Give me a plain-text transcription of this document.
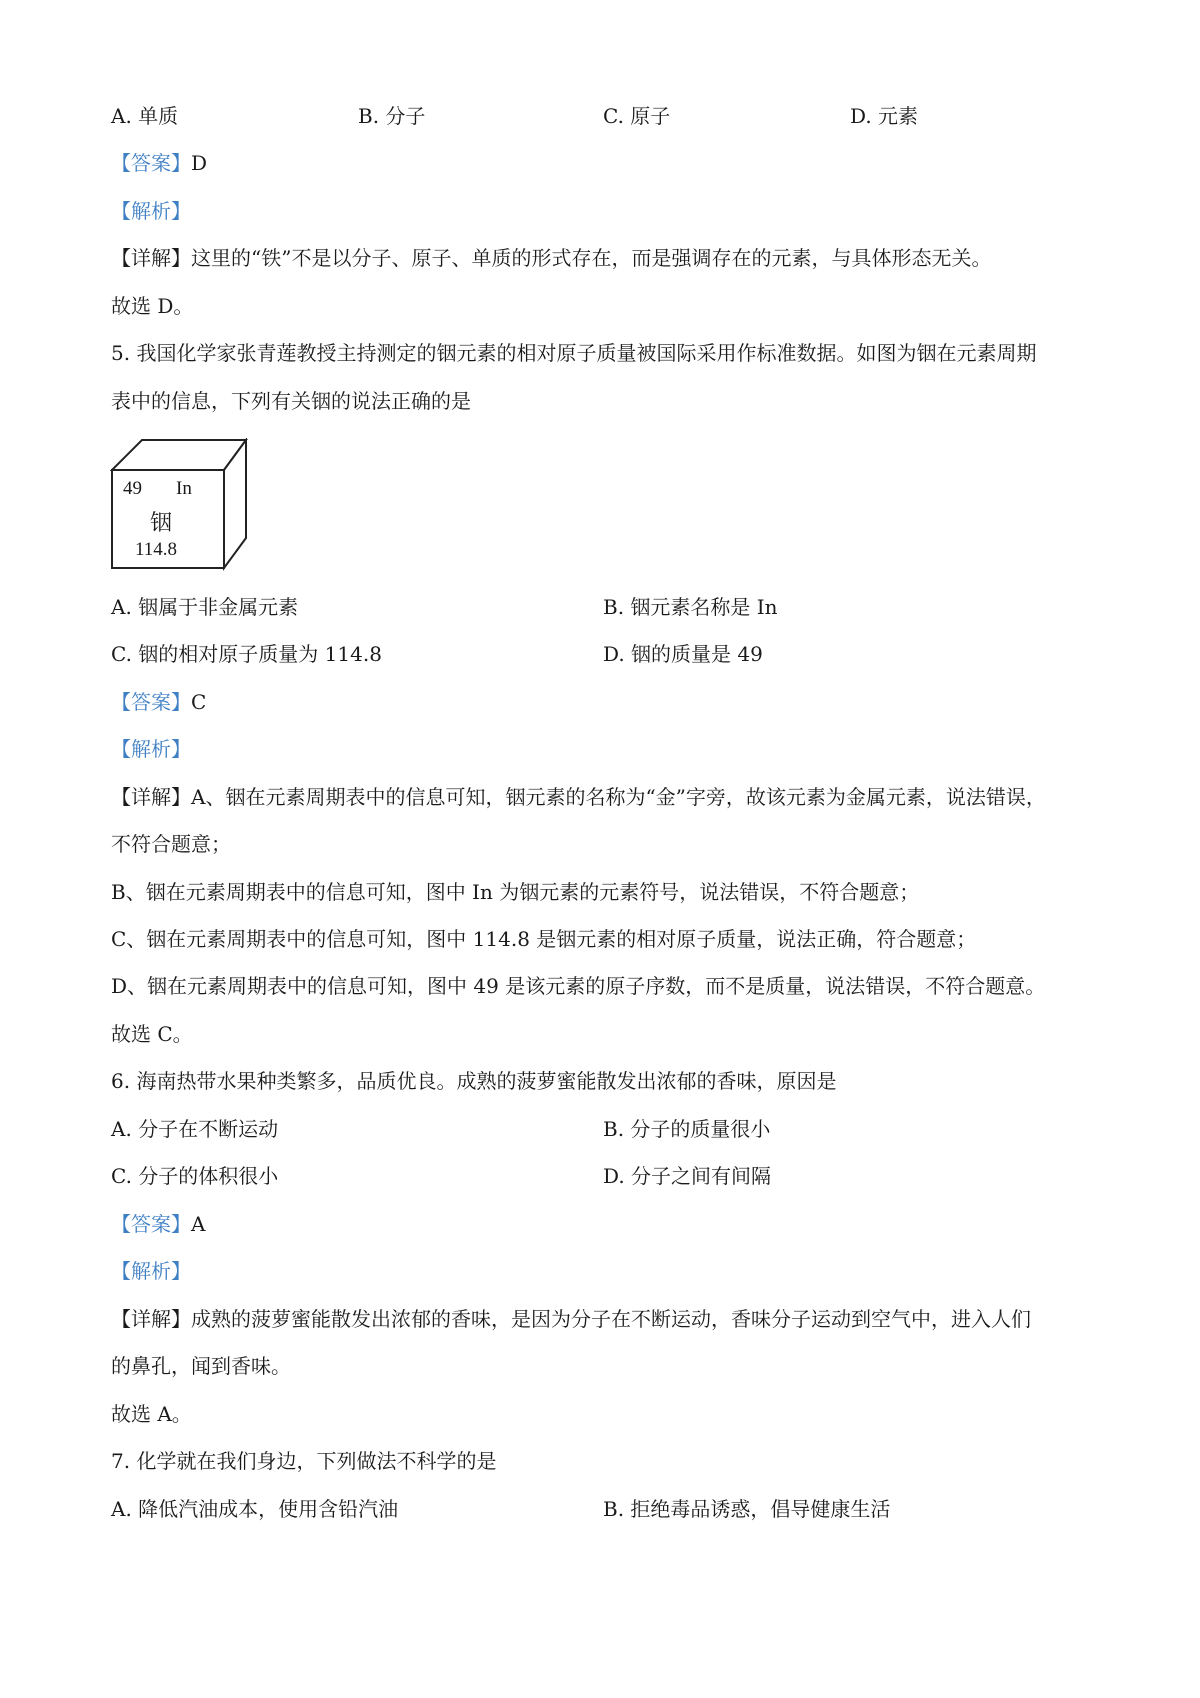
A. 单质	B. 分子	C. 原子	D. 元素
【答案】D
【解析】
【详解】这里的“铁”不是以分子、原子、单质的形式存在，而是强调存在的元素，与具体形态无关。
故选 D。
5. 我国化学家张青莲教授主持测定的铟元素的相对原子质量被国际采用作标准数据。如图为铟在元素周期
表中的信息，下列有关铟的说法正确的是
49 In
铟
114.8
A. 铟属于非金属元素	B. 铟元素名称是 In
C. 铟的相对原子质量为 114.8	D. 铟的质量是 49
【答案】C
【解析】
【详解】A、铟在元素周期表中的信息可知，铟元素的名称为“金”字旁，故该元素为金属元素，说法错误，
不符合题意；
B、铟在元素周期表中的信息可知，图中 In 为铟元素的元素符号，说法错误，不符合题意；
C、铟在元素周期表中的信息可知，图中 114.8 是铟元素的相对原子质量，说法正确，符合题意；
D、铟在元素周期表中的信息可知，图中 49 是该元素的原子序数，而不是质量，说法错误，不符合题意。
故选 C。
6. 海南热带水果种类繁多，品质优良。成熟的菠萝蜜能散发出浓郁的香味，原因是
A. 分子在不断运动	B. 分子的质量很小
C. 分子的体积很小	D. 分子之间有间隔
【答案】A
【解析】
【详解】成熟的菠萝蜜能散发出浓郁的香味，是因为分子在不断运动，香味分子运动到空气中，进入人们
的鼻孔，闻到香味。
故选 A。
7. 化学就在我们身边，下列做法不科学的是
A. 降低汽油成本，使用含铅汽油	B. 拒绝毒品诱惑，倡导健康生活
